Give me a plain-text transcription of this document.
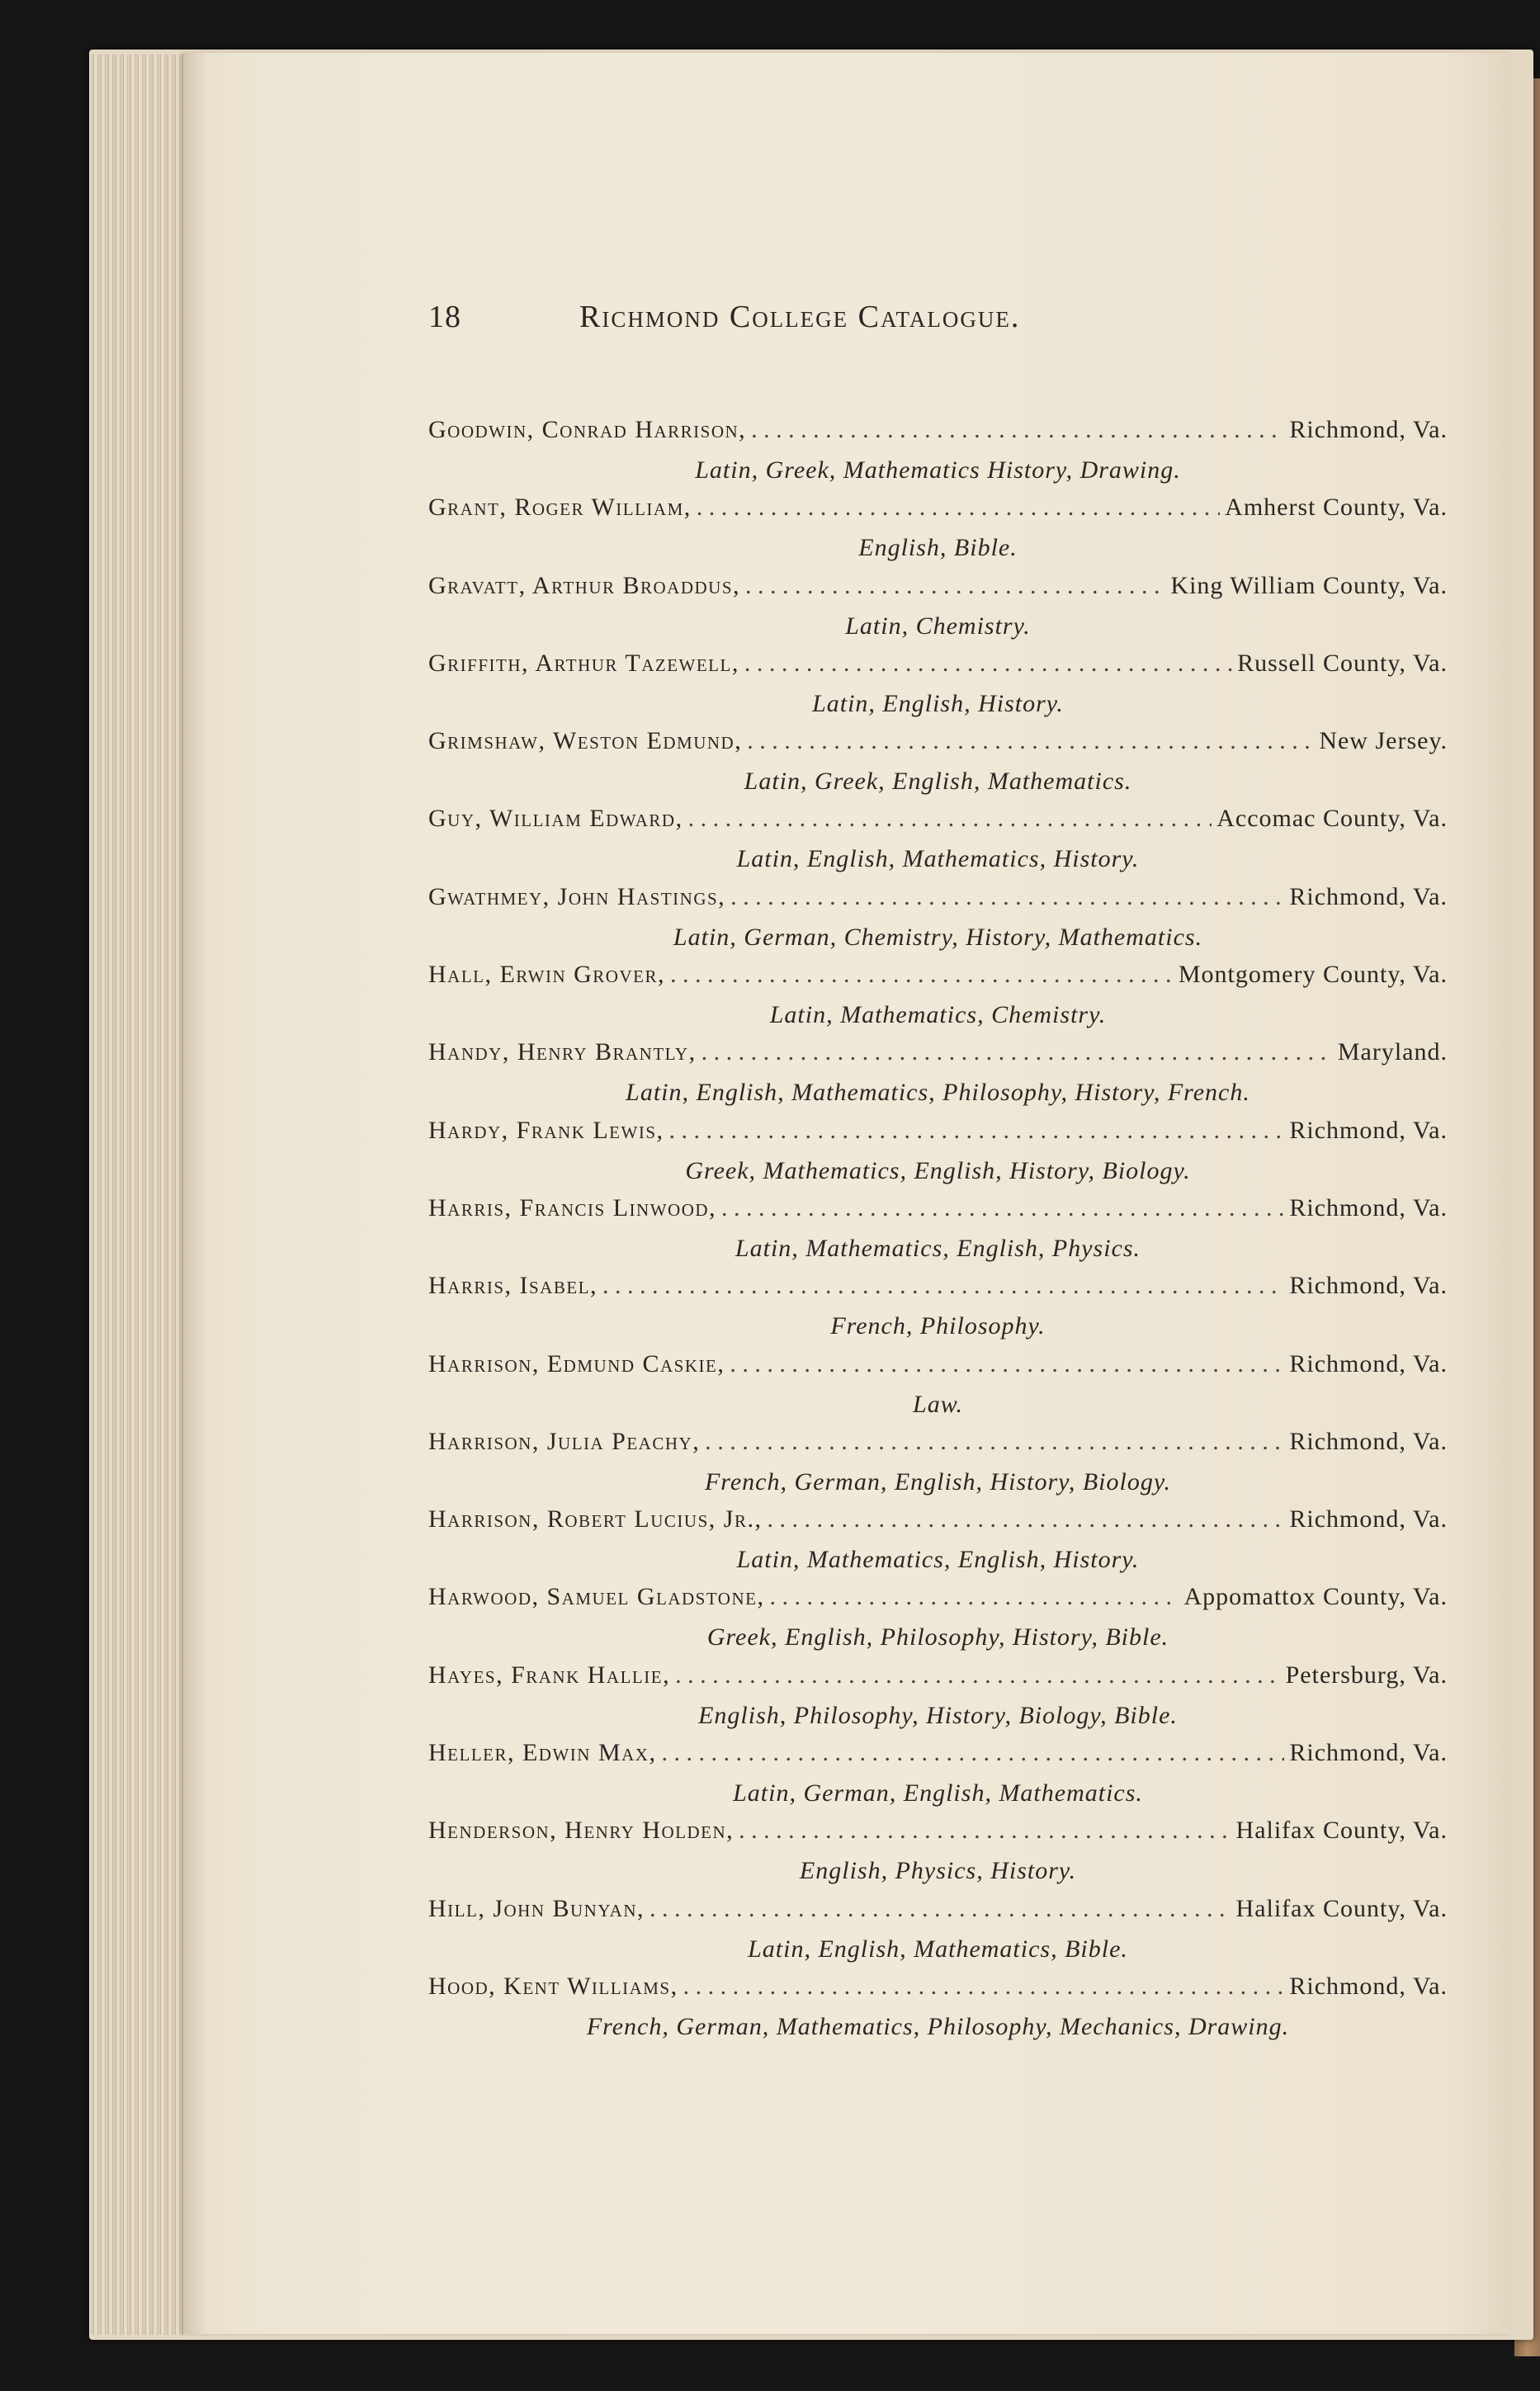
18	Richmond College Catalogue.
Goodwin, Conrad Harrison, . . .	Richmond, Va.
Latin, Greek, Mathematics History, Drawing.
Grant, Roger William, . . .	Amherst County, Va.
English, Bible.
Gravatt, Arthur Broaddus, . . .	King William County, Va.
Latin, Chemistry.
Griffith, Arthur Tazewell, . . .	Russell County, Va.
Latin, English, History.
Grimshaw, Weston Edmund, . . .	New Jersey.
Latin, Greek, English, Mathematics.
Guy, William Edward, . . .	Accomac County, Va.
Latin, English, Mathematics, History.
Gwathmey, John Hastings, . . .	Richmond, Va.
Latin, German, Chemistry, History, Mathematics.
Hall, Erwin Grover, . . .	Montgomery County, Va.
Latin, Mathematics, Chemistry.
Handy, Henry Brantly, . . .	Maryland.
Latin, English, Mathematics, Philosophy, History, French.
Hardy, Frank Lewis, . . .	Richmond, Va.
Greek, Mathematics, English, History, Biology.
Harris, Francis Linwood, . . .	Richmond, Va.
Latin, Mathematics, English, Physics.
Harris, Isabel, . . .	Richmond, Va.
French, Philosophy.
Harrison, Edmund Caskie, . . .	Richmond, Va.
Law.
Harrison, Julia Peachy, . . .	Richmond, Va.
French, German, English, History, Biology.
Harrison, Robert Lucius, Jr., . . .	Richmond, Va.
Latin, Mathematics, English, History.
Harwood, Samuel Gladstone, . . .	Appomattox County, Va.
Greek, English, Philosophy, History, Bible.
Hayes, Frank Hallie, . . .	Petersburg, Va.
English, Philosophy, History, Biology, Bible.
Heller, Edwin Max, . . .	Richmond, Va.
Latin, German, English, Mathematics.
Henderson, Henry Holden, . . .	Halifax County, Va.
English, Physics, History.
Hill, John Bunyan, . . .	Halifax County, Va.
Latin, English, Mathematics, Bible.
Hood, Kent Williams, . . .	Richmond, Va.
French, German, Mathematics, Philosophy, Mechanics, Drawing.
